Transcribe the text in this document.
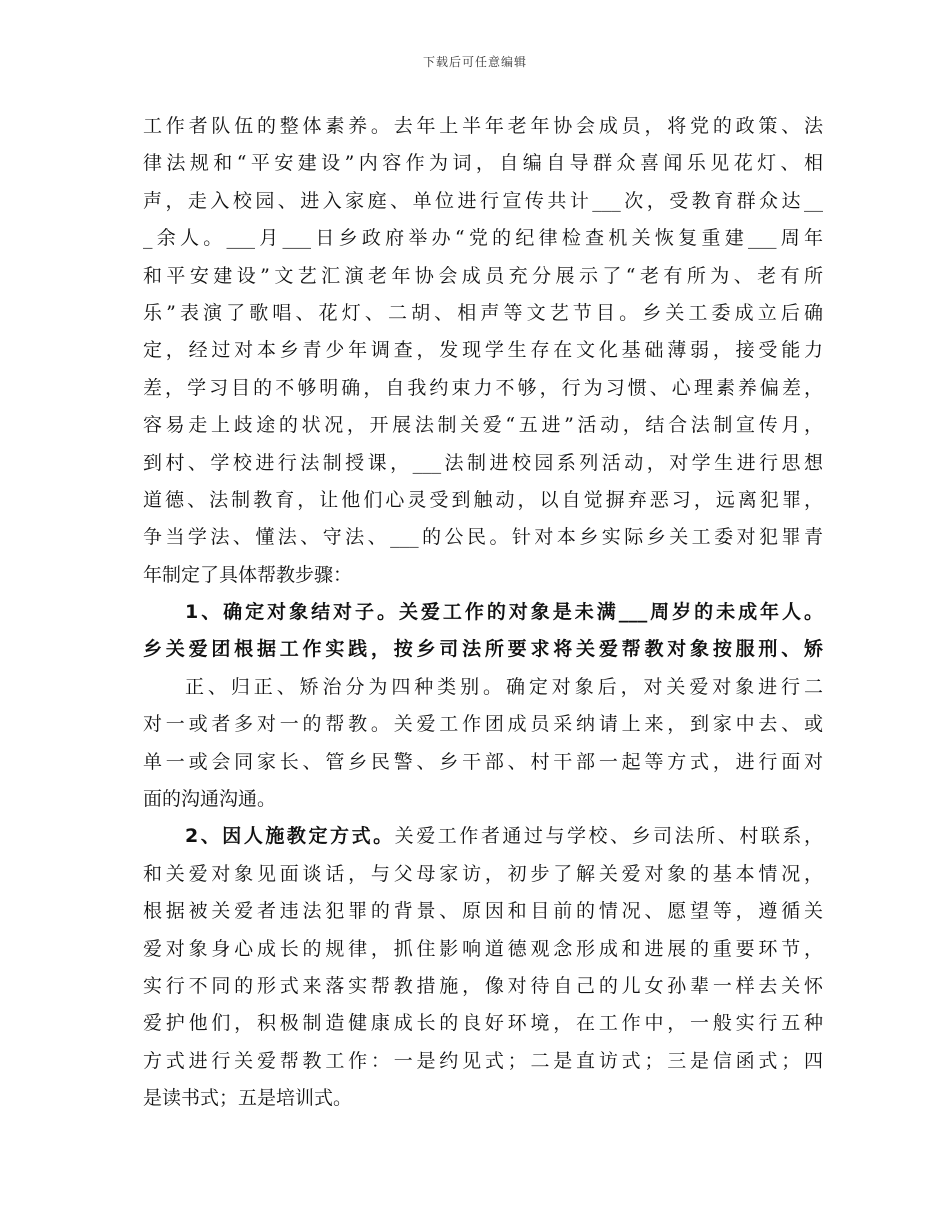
下载后可任意编辑
工作者队伍的整体素养。去年上半年老年协会成员，将党的政策、法
律法规和“平安建设”内容作为词，自编自导群众喜闻乐见花灯、相
声，走入校园、进入家庭、单位进行宣传共计___次，受教育群众达__
_余人。___月___日乡政府举办“党的纪律检查机关恢复重建___周年
和平安建设”文艺汇演老年协会成员充分展示了“老有所为、老有所
乐”表演了歌唱、花灯、二胡、相声等文艺节目。乡关工委成立后确
定，经过对本乡青少年调查，发现学生存在文化基础薄弱，接受能力
差，学习目的不够明确，自我约束力不够，行为习惯、心理素养偏差，
容易走上歧途的状况，开展法制关爱“五进”活动，结合法制宣传月，
到村、学校进行法制授课，___法制进校园系列活动，对学生进行思想
道德、法制教育，让他们心灵受到触动，以自觉摒弃恶习，远离犯罪，
争当学法、懂法、守法、___的公民。针对本乡实际乡关工委对犯罪青
年制定了具体帮教步骤：
1、确定对象结对子。关爱工作的对象是未满___周岁的未成年人。
乡关爱团根据工作实践，按乡司法所要求将关爱帮教对象按服刑、矫
正、归正、矫治分为四种类别。确定对象后，对关爱对象进行二
对一或者多对一的帮教。关爱工作团成员采纳请上来，到家中去、或
单一或会同家长、管乡民警、乡干部、村干部一起等方式，进行面对
面的沟通沟通。
2、因人施教定方式。关爱工作者通过与学校、乡司法所、村联系，
和关爱对象见面谈话，与父母家访，初步了解关爱对象的基本情况，
根据被关爱者违法犯罪的背景、原因和目前的情况、愿望等，遵循关
爱对象身心成长的规律，抓住影响道德观念形成和进展的重要环节，
实行不同的形式来落实帮教措施，像对待自己的儿女孙辈一样去关怀
爱护他们，积极制造健康成长的良好环境，在工作中，一般实行五种
方式进行关爱帮教工作：一是约见式；二是直访式；三是信函式；四
是读书式；五是培训式。
